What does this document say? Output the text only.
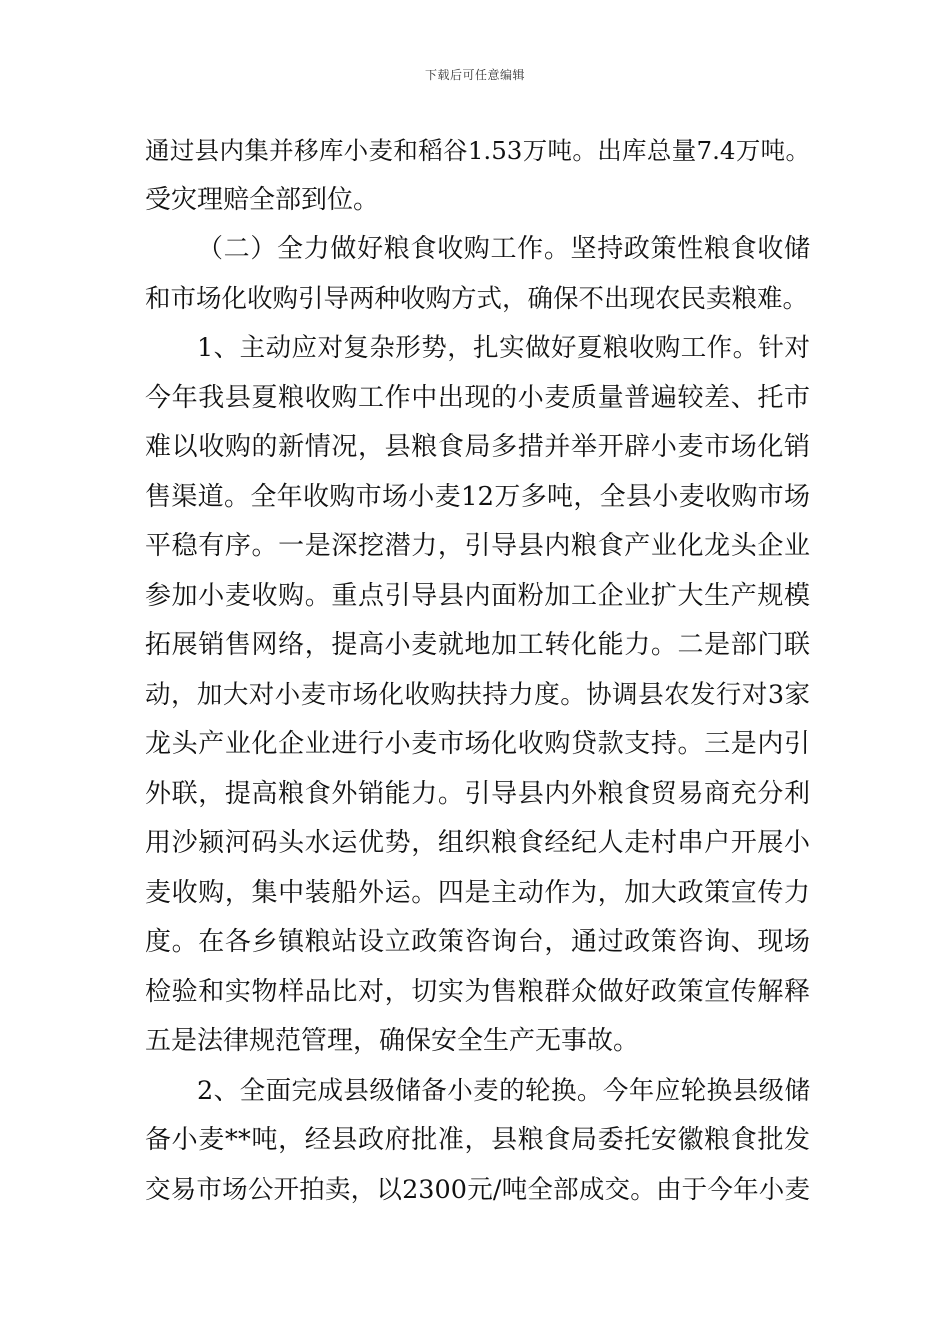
下载后可任意编辑
通过县内集并移库小麦和稻谷1.53万吨。出库总量7.4万吨。
受灾理赔全部到位。
（二）全力做好粮食收购工作。坚持政策性粮食收储
和市场化收购引导两种收购方式，确保不出现农民卖粮难。
1、主动应对复杂形势，扎实做好夏粮收购工作。针对
今年我县夏粮收购工作中出现的小麦质量普遍较差、托市
难以收购的新情况，县粮食局多措并举开辟小麦市场化销
售渠道。全年收购市场小麦12万多吨，全县小麦收购市场
平稳有序。一是深挖潜力，引导县内粮食产业化龙头企业
参加小麦收购。重点引导县内面粉加工企业扩大生产规模
拓展销售网络，提高小麦就地加工转化能力。二是部门联
动，加大对小麦市场化收购扶持力度。协调县农发行对3家
龙头产业化企业进行小麦市场化收购贷款支持。三是内引
外联，提高粮食外销能力。引导县内外粮食贸易商充分利
用沙颍河码头水运优势，组织粮食经纪人走村串户开展小
麦收购，集中装船外运。四是主动作为，加大政策宣传力
度。在各乡镇粮站设立政策咨询台，通过政策咨询、现场
检验和实物样品比对，切实为售粮群众做好政策宣传解释
五是法律规范管理，确保安全生产无事故。
2、全面完成县级储备小麦的轮换。今年应轮换县级储
备小麦**吨，经县政府批准，县粮食局委托安徽粮食批发
交易市场公开拍卖，以2300元/吨全部成交。由于今年小麦
